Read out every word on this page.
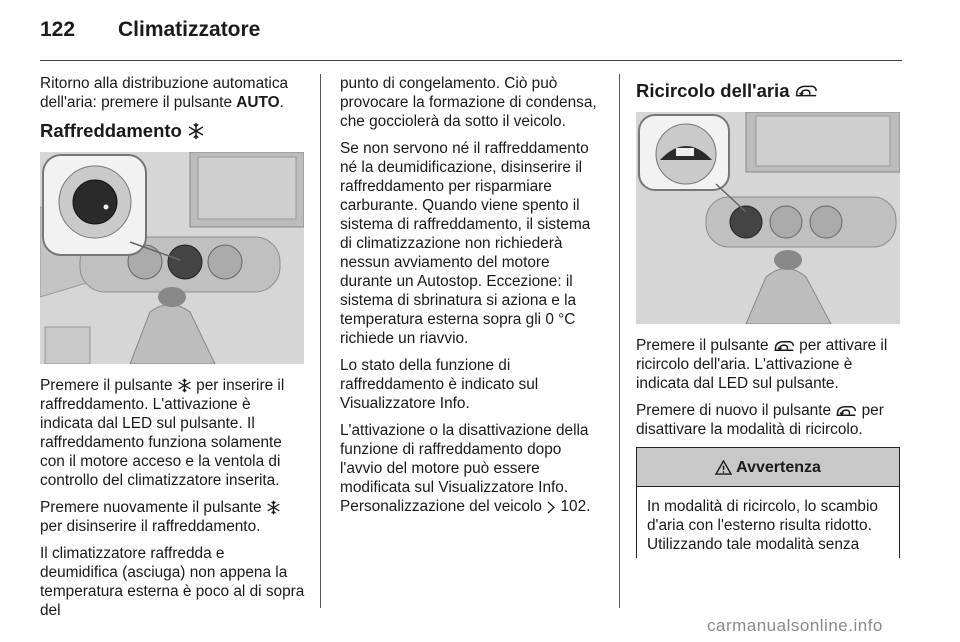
122 Climatizzatore

Ritorno alla distribuzione automatica dell'aria: premere il pulsante AUTO.

Raffreddamento

Premere il pulsante  per inserire il raffreddamento. L'attivazione è indicata dal LED sul pulsante. Il raffreddamento funziona solamente con il motore acceso e la ventola di controllo del climatizzatore inserita.

Premere nuovamente il pulsante  per disinserire il raffreddamento.

Il climatizzatore raffredda e deumidifica (asciuga) non appena la temperatura esterna è poco al di sopra del

punto di congelamento. Ciò può provocare la formazione di condensa, che gocciolerà da sotto il veicolo.

Se non servono né il raffreddamento né la deumidificazione, disinserire il raffreddamento per risparmiare carburante. Quando viene spento il sistema di raffreddamento, il sistema di climatizzazione non richiederà nessun avviamento del motore durante un Autostop. Eccezione: il sistema di sbrinatura si aziona e la temperatura esterna sopra gli 0 °C richiede un riavvio.

Lo stato della funzione di raffreddamento è indicato sul Visualizzatore Info.

L'attivazione o la disattivazione della funzione di raffreddamento dopo l'avvio del motore può essere modificata sul Visualizzatore Info. Personalizzazione del veicolo  102.

Ricircolo dell'aria

Premere il pulsante  per attivare il ricircolo dell'aria. L'attivazione è indicata dal LED sul pulsante.

Premere di nuovo il pulsante  per disattivare la modalità di ricircolo.

Avvertenza
In modalità di ricircolo, lo scambio d'aria con l'esterno risulta ridotto. Utilizzando tale modalità senza
carmanualsonline.info
